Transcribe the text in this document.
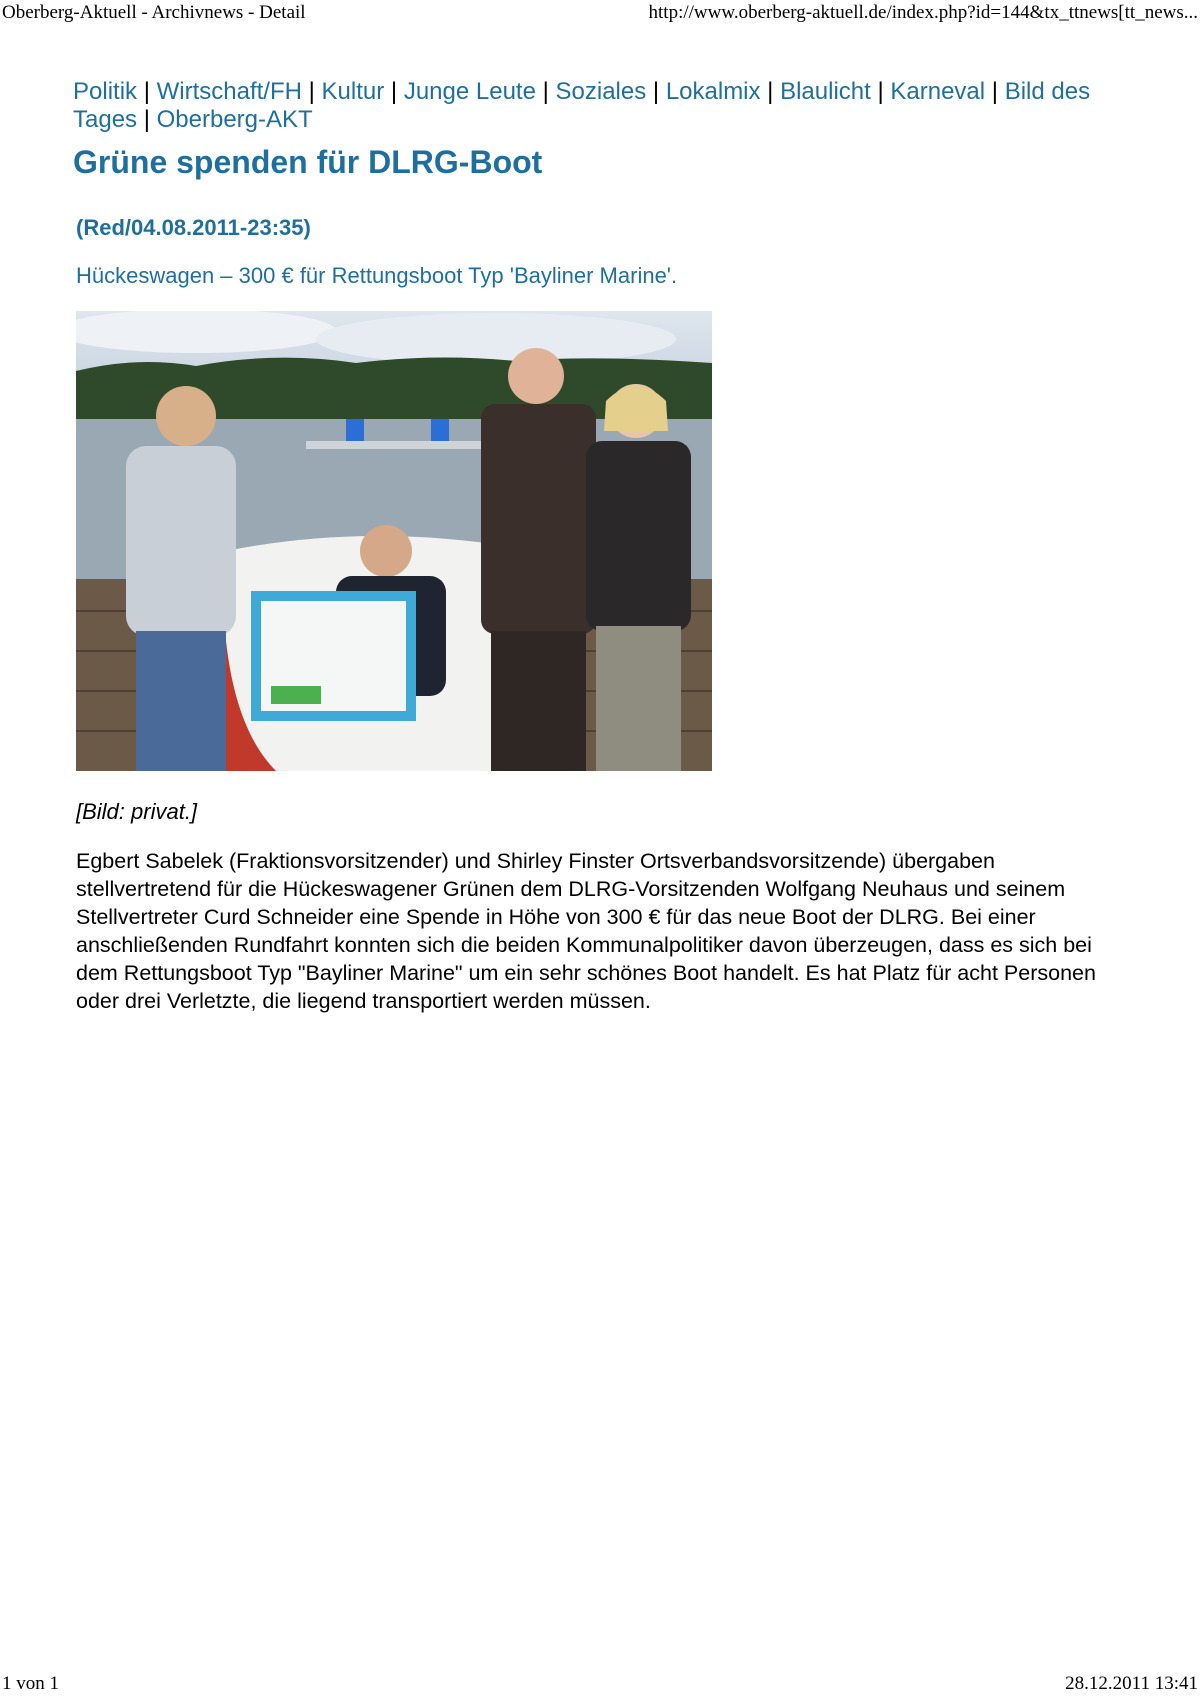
Oberberg-Aktuell - Archivnews - Detail	http://www.oberberg-aktuell.de/index.php?id=144&tx_ttnews[tt_news...
Politik | Wirtschaft/FH | Kultur | Junge Leute | Soziales | Lokalmix | Blaulicht | Karneval | Bild des Tages | Oberberg-AKT
Grüne spenden für DLRG-Boot
(Red/04.08.2011-23:35)
Hückeswagen – 300 € für Rettungsboot Typ 'Bayliner Marine'.
[Bild: privat.]
Egbert Sabelek (Fraktionsvorsitzender) und Shirley Finster Ortsverbandsvorsitzende) übergaben stellvertretend für die Hückeswagener Grünen dem DLRG-Vorsitzenden Wolfgang Neuhaus und seinem Stellvertreter Curd Schneider eine Spende in Höhe von 300 € für das neue Boot der DLRG. Bei einer anschließenden Rundfahrt konnten sich die beiden Kommunalpolitiker davon überzeugen, dass es sich bei dem Rettungsboot Typ "Bayliner Marine" um ein sehr schönes Boot handelt. Es hat Platz für acht Personen oder drei Verletzte, die liegend transportiert werden müssen.
1 von 1	28.12.2011 13:41
